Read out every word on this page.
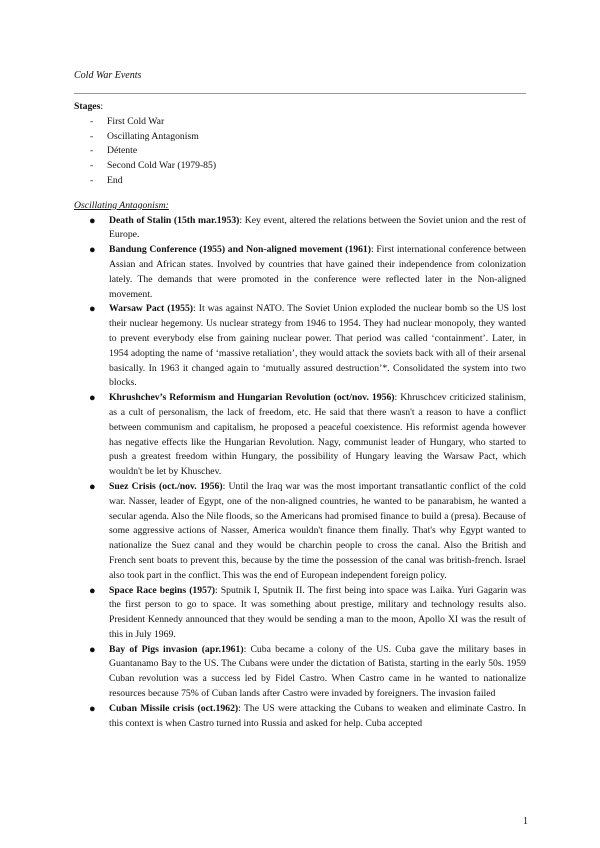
Cold War Events

Stages:

- First Cold War
- Oscillating Antagonism
- Détente
- Second Cold War (1979-85)
- End

Oscillating Antagonism:

● Death of Stalin (15th mar.1953): Key event, altered the relations between the Soviet union and the rest of Europe.
● Bandung Conference (1955) and Non-aligned movement (1961): First international conference between Assian and African states. Involved by countries that have gained their independence from colonization lately. The demands that were promoted in the conference were reflected later in the Non-aligned movement.
● Warsaw Pact (1955): It was against NATO. The Soviet Union exploded the nuclear bomb so the US lost their nuclear hegemony. Us nuclear strategy from 1946 to 1954. They had nuclear monopoly, they wanted to prevent everybody else from gaining nuclear power. That period was called ‘containment’. Later, in 1954 adopting the name of ‘massive retaliation’, they would attack the soviets back with all of their arsenal basically. In 1963 it changed again to ‘mutually assured destruction’*. Consolidated the system into two blocks.
● Khrushchev’s Reformism and Hungarian Revolution (oct/nov. 1956): Khruschcev criticized stalinism, as a cult of personalism, the lack of freedom, etc. He said that there wasn't a reason to have a conflict between communism and capitalism, he proposed a peaceful coexistence. His reformist agenda however has negative effects like the Hungarian Revolution. Nagy, communist leader of Hungary, who started to push a greatest freedom within Hungary, the possibility of Hungary leaving the Warsaw Pact, which wouldn't be let by Khuschev.
● Suez Crisis (oct./nov. 1956): Until the Iraq war was the most important transatlantic conflict of the cold war. Nasser, leader of Egypt, one of the non-aligned countries, he wanted to be panarabism, he wanted a secular agenda. Also the Nile floods, so the Americans had promised finance to build a (presa). Because of some aggressive actions of Nasser, America wouldn't finance them finally. That's why Egypt wanted to nationalize the Suez canal and they would be charchin people to cross the canal. Also the British and French sent boats to prevent this, because by the time the possession of the canal was british-french. Israel also took part in the conflict. This was the end of European independent foreign policy.
● Space Race begins (1957): Sputnik I, Sputnik II. The first being into space was Laika. Yuri Gagarin was the first person to go to space. It was something about prestige, military and technology results also. President Kennedy announced that they would be sending a man to the moon, Apollo XI was the result of this in July 1969.
● Bay of Pigs invasion (apr.1961): Cuba became a colony of the US. Cuba gave the military bases in Guantanamo Bay to the US. The Cubans were under the dictation of Batista, starting in the early 50s. 1959 Cuban revolution was a success led by Fidel Castro. When Castro came in he wanted to nationalize resources because 75% of Cuban lands after Castro were invaded by foreigners. The invasion failed
● Cuban Missile crisis (oct.1962): The US were attacking the Cubans to weaken and eliminate Castro. In this context is when Castro turned into Russia and asked for help. Cuba accepted
1
